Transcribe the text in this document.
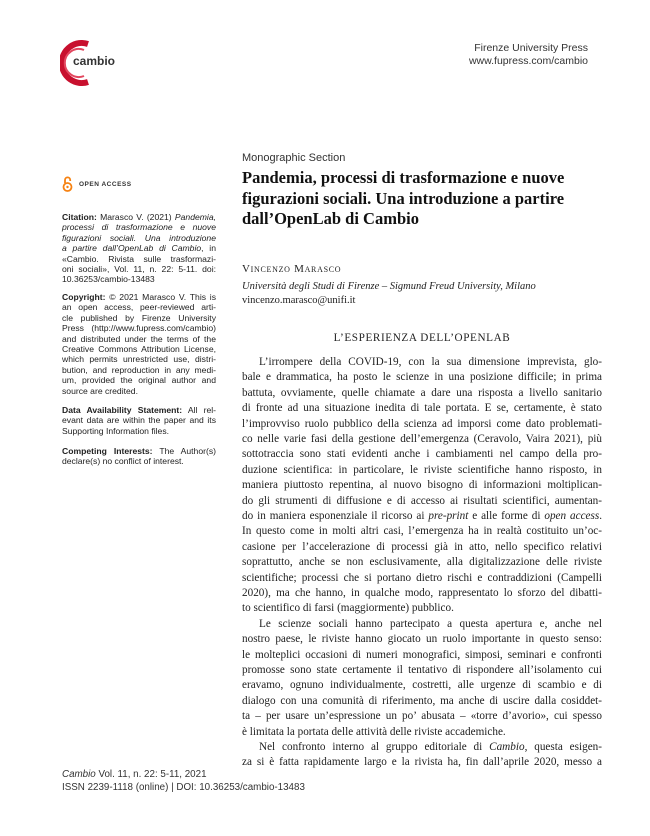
cambio
Firenze University Press
www.fupress.com/cambio
OPEN ACCESS
Citation: Marasco V. (2021) Pandemia,
processi di trasformazione e nuove
figurazioni sociali. Una introduzione
a partire dall’OpenLab di Cambio, in
«Cambio. Rivista sulle trasformazi-
oni sociali», Vol. 11, n. 22: 5-11. doi:
10.36253/cambio-13483
Copyright: © 2021 Marasco V. This is
an open access, peer-reviewed arti-
cle published by Firenze University
Press (http://www.fupress.com/cambio)
and distributed under the terms of the
Creative Commons Attribution License,
which permits unrestricted use, distri-
bution, and reproduction in any medi-
um, provided the original author and
source are credited.
Data Availability Statement: All rel-
evant data are within the paper and its
Supporting Information files.
Competing Interests: The Author(s)
declare(s) no conflict of interest.
Monographic Section
Pandemia, processi di trasformazione e nuove figurazioni sociali. Una introduzione a partire dall’OpenLab di Cambio
Vincenzo Marasco
Università degli Studi di Firenze – Sigmund Freud University, Milano
vincenzo.marasco@unifi.it
L’ESPERIENZA DELL’OPENLAB
L’irrompere della COVID-19, con la sua dimensione imprevista, glo-
bale e drammatica, ha posto le scienze in una posizione difficile; in prima
battuta, ovviamente, quelle chiamate a dare una risposta a livello sanitario
di fronte ad una situazione inedita di tale portata. E se, certamente, è stato
l’improvviso ruolo pubblico della scienza ad imporsi come dato problemati-
co nelle varie fasi della gestione dell’emergenza (Ceravolo, Vaira 2021), più
sottotraccia sono stati evidenti anche i cambiamenti nel campo della pro-
duzione scientifica: in particolare, le riviste scientifiche hanno risposto, in
maniera piuttosto repentina, al nuovo bisogno di informazioni moltiplican-
do gli strumenti di diffusione e di accesso ai risultati scientifici, aumentan-
do in maniera esponenziale il ricorso ai pre-print e alle forme di open access.
In questo come in molti altri casi, l’emergenza ha in realtà costituito un’oc-
casione per l’accelerazione di processi già in atto, nello specifico relativi
soprattutto, anche se non esclusivamente, alla digitalizzazione delle riviste
scientifiche; processi che si portano dietro rischi e contraddizioni (Campelli
2020), ma che hanno, in qualche modo, rappresentato lo sforzo del dibatti-
to scientifico di farsi (maggiormente) pubblico.
Le scienze sociali hanno partecipato a questa apertura e, anche nel
nostro paese, le riviste hanno giocato un ruolo importante in questo senso:
le molteplici occasioni di numeri monografici, simposi, seminari e confronti
promosse sono state certamente il tentativo di rispondere all’isolamento cui
eravamo, ognuno individualmente, costretti, alle urgenze di scambio e di
dialogo con una comunità di riferimento, ma anche di uscire dalla cosiddet-
ta – per usare un’espressione un po’ abusata – «torre d’avorio», cui spesso
è limitata la portata delle attività delle riviste accademiche.
Nel confronto interno al gruppo editoriale di Cambio, questa esigen-
za si è fatta rapidamente largo e la rivista ha, fin dall’aprile 2020, messo a
Cambio Vol. 11, n. 22: 5-11, 2021
ISSN 2239-1118 (online) | DOI: 10.36253/cambio-13483
